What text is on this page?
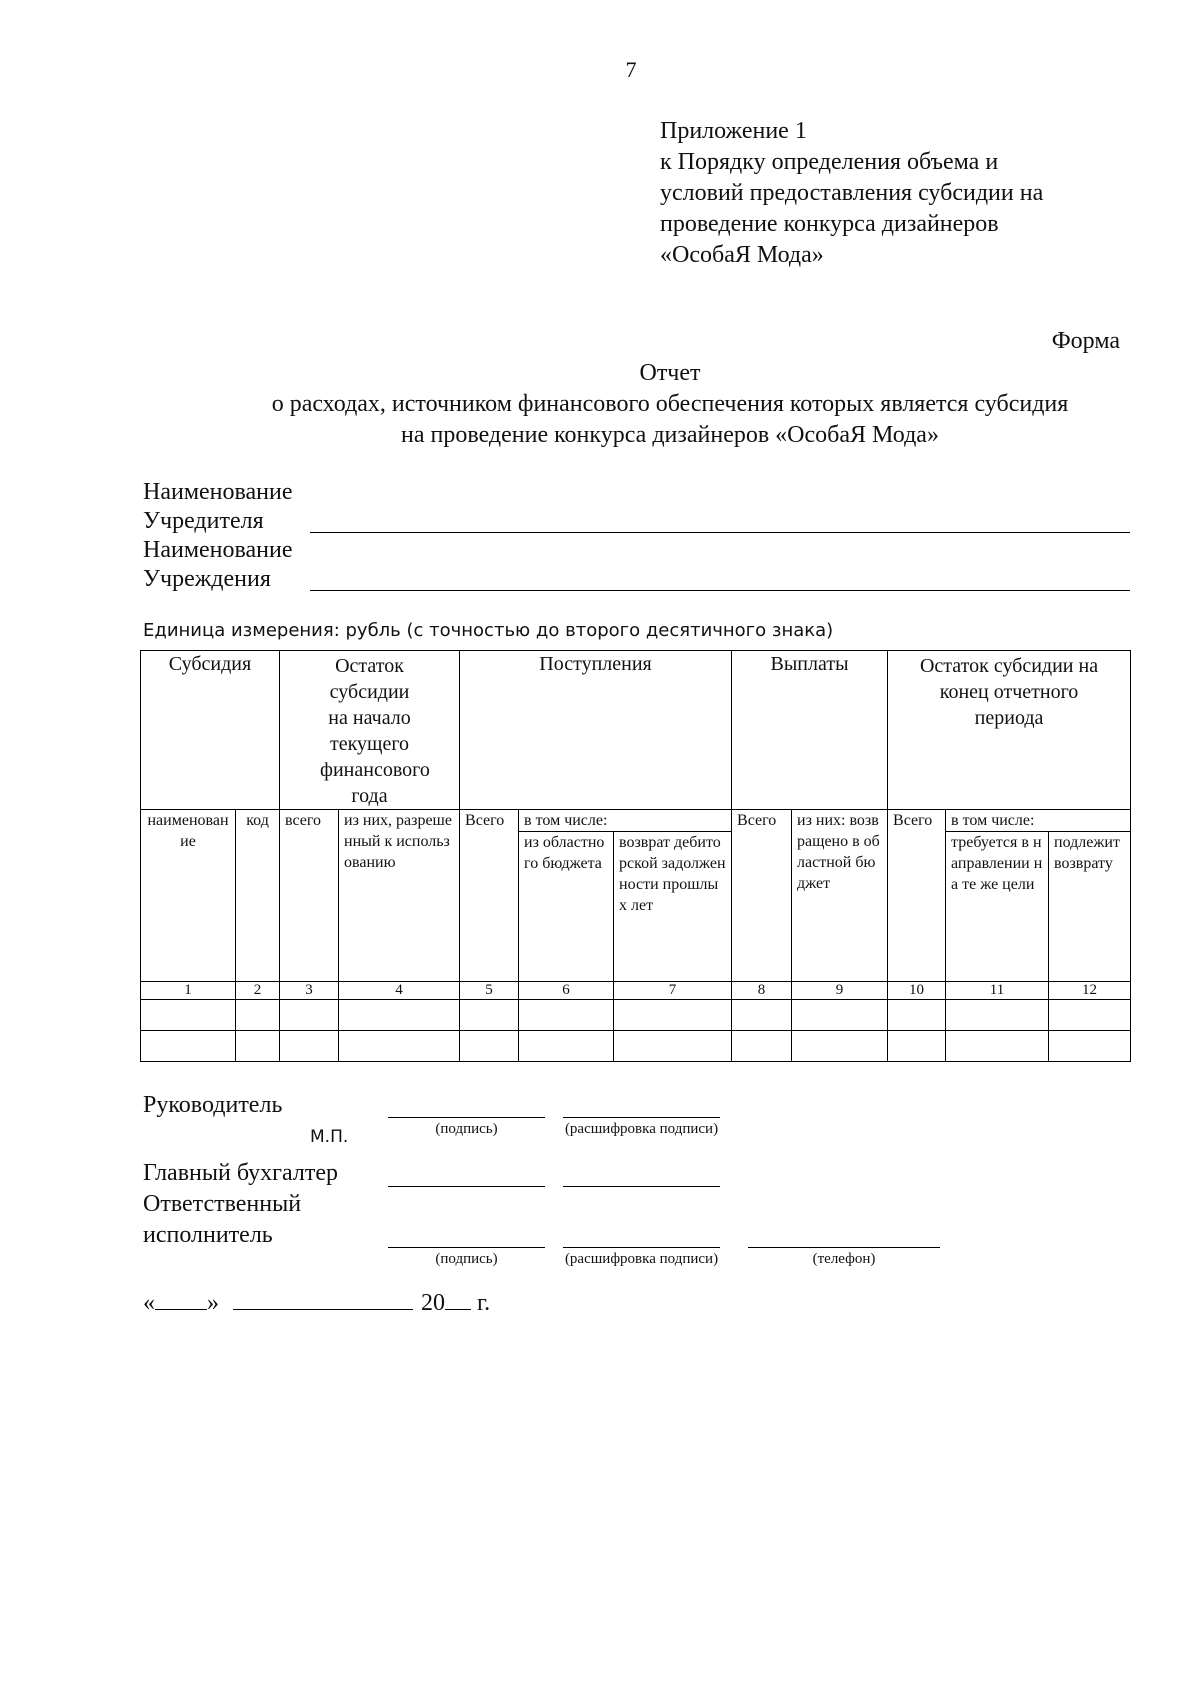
7
Приложение 1
к Порядку определения объема и
условий предоставления субсидии на
проведение конкурса дизайнеров
«ОсобаЯ Мода»
Форма
Отчет
о расходах, источником финансового обеспечения которых является субсидия
на проведение конкурса дизайнеров «ОсобаЯ Мода»
Наименование
Учредителя
Наименование
Учреждения
Единица измерения: рубль (с точностью до второго десятичного знака)
Субсидия		Остаток субсидии на начало текущего финансового года		Поступления			Выплаты		Остаток субсидии на конец отчетного периода		
наименование	код	всего	из них, разрешенный к использованию	Всего	в том числе:		Всего	из них: возвращено в областной бюджет	Всего	в том числе:	
					из областного бюджета	возврат дебиторской задолженности прошлых лет				требуется в направлении на те же цели	подлежит возврату
1	2	3	4	5	6	7	8	9	10	11	12

Руководитель
(подпись)	(расшифровка подписи)
М.П.
Главный бухгалтер
Ответственный
исполнитель
(подпись)	(расшифровка подписи)	(телефон)
« »	20 г.
